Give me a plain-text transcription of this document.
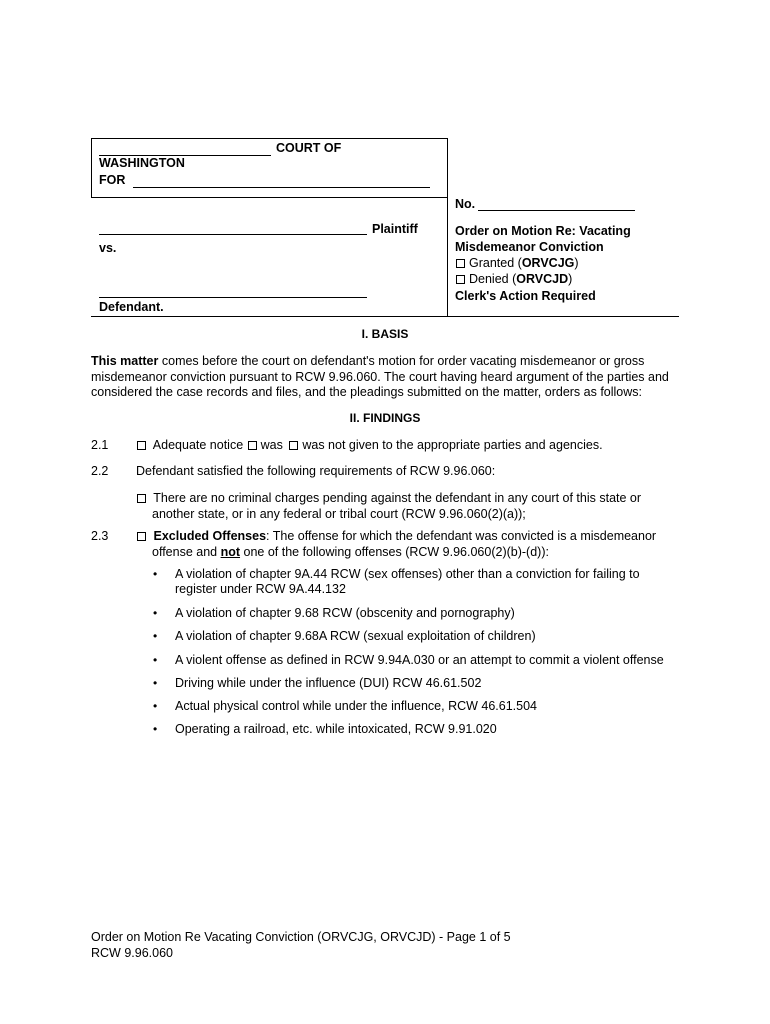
COURT OF
WASHINGTON
FOR
Plaintiff
vs.
Defendant.
No.
Order on Motion Re: Vacating
Misdemeanor Conviction
Granted (ORVCJG)
Denied (ORVCJD)
Clerk's Action Required
I. BASIS
This matter comes before the court on defendant's motion for order vacating misdemeanor or gross
misdemeanor conviction pursuant to RCW 9.96.060. The court having heard argument of the parties and
considered the case records and files, and the pleadings submitted on the matter, orders as follows:
II. FINDINGS
2.1	Adequate notice was was not given to the appropriate parties and agencies.
2.2 Defendant satisfied the following requirements of RCW 9.96.060:
There are no criminal charges pending against the defendant in any court of this state or
another state, or in any federal or tribal court (RCW 9.96.060(2)(a));
2.3	Excluded Offenses: The offense for which the defendant was convicted is a misdemeanor
offense and not one of the following offenses (RCW 9.96.060(2)(b)-(d)):
• A violation of chapter 9A.44 RCW (sex offenses) other than a conviction for failing to
register under RCW 9A.44.132
• A violation of chapter 9.68 RCW (obscenity and pornography)
• A violation of chapter 9.68A RCW (sexual exploitation of children)
• A violent offense as defined in RCW 9.94A.030 or an attempt to commit a violent offense
• Driving while under the influence (DUI) RCW 46.61.502
• Actual physical control while under the influence, RCW 46.61.504
• Operating a railroad, etc. while intoxicated, RCW 9.91.020
Order on Motion Re Vacating Conviction (ORVCJG, ORVCJD) - Page 1 of 5
RCW 9.96.060
